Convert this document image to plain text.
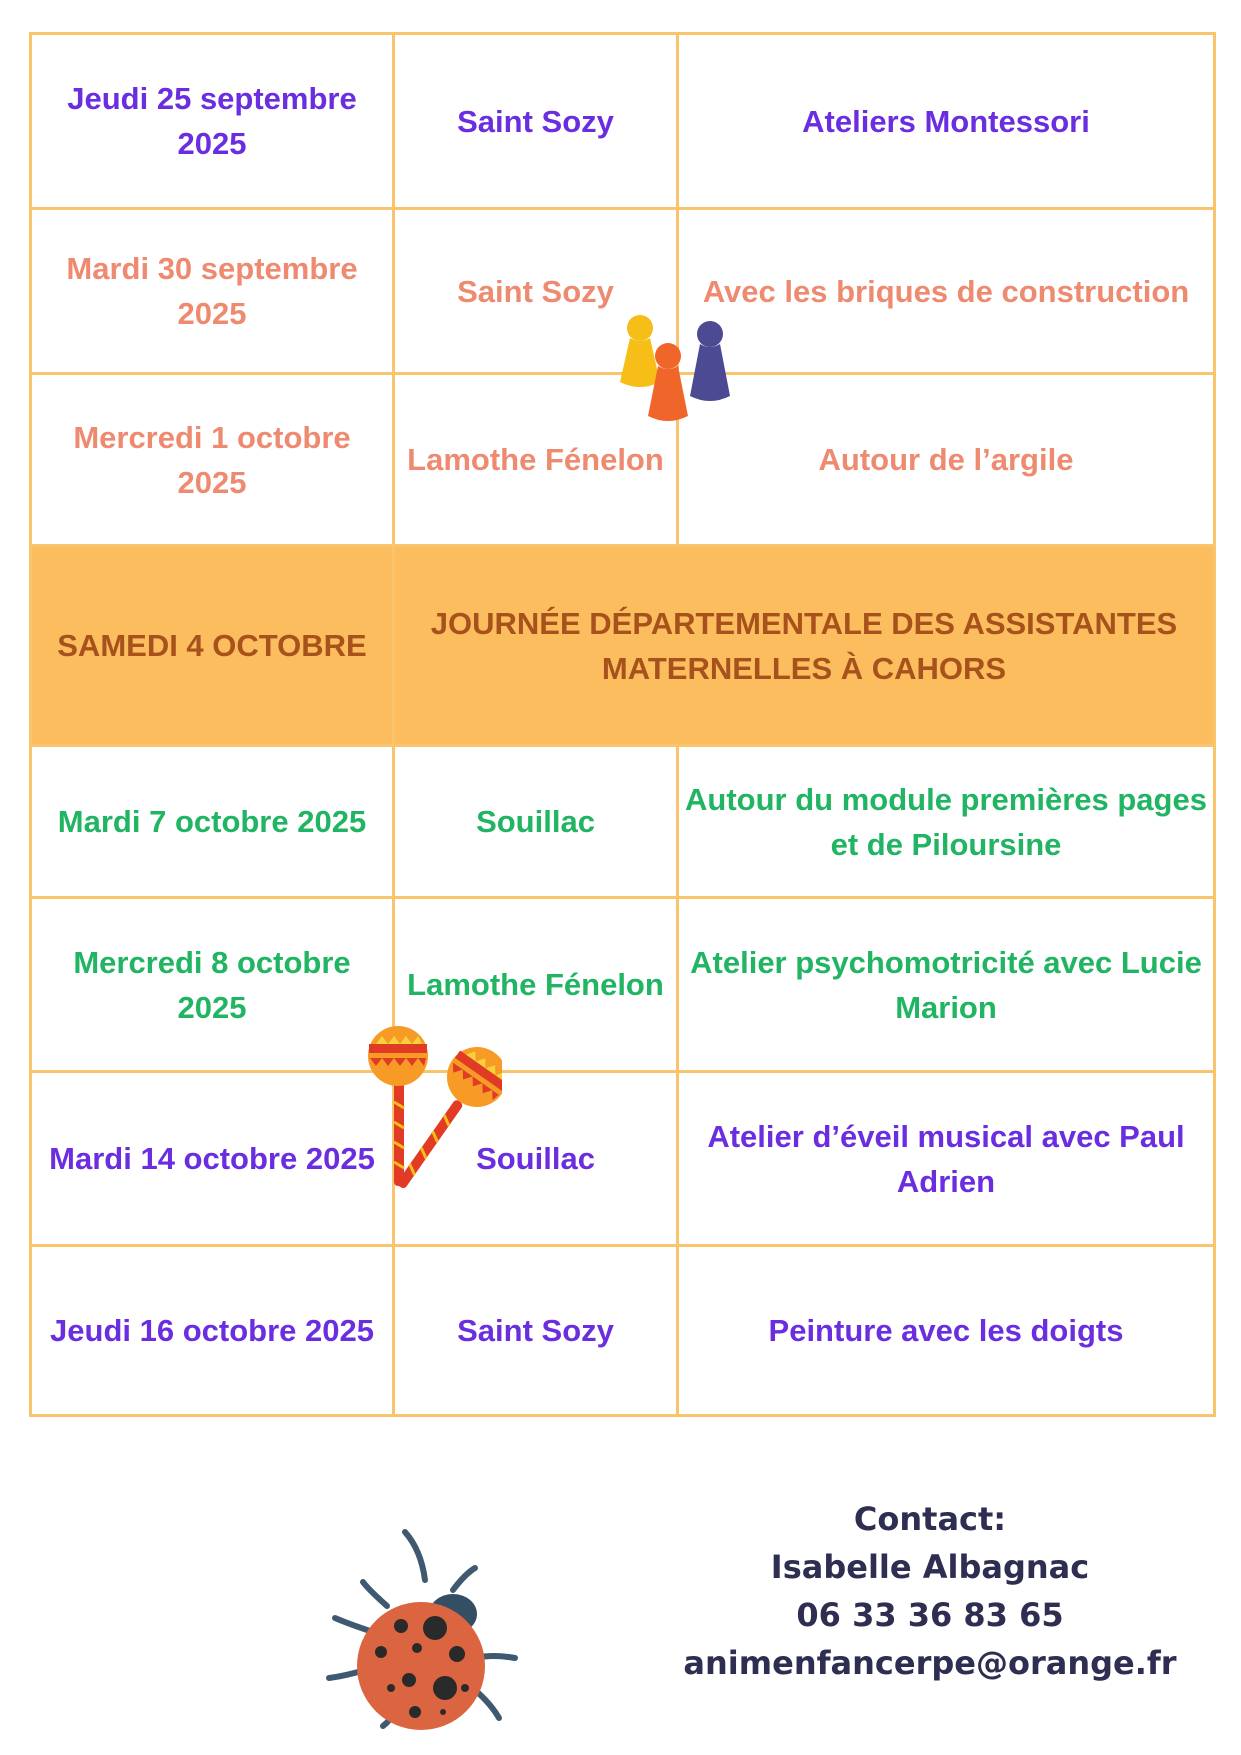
Jeudi 25 septembre 2025	Saint Sozy	Ateliers Montessori
Mardi 30 septembre 2025	Saint Sozy	Avec les briques de construction
Mercredi 1 octobre 2025	Lamothe Fénelon	Autour de l’argile
SAMEDI 4 OCTOBRE	JOURNÉE DÉPARTEMENTALE DES ASSISTANTES MATERNELLES À CAHORS	
Mardi 7 octobre 2025	Souillac	Autour du module premières pages et de Piloursine
Mercredi 8 octobre 2025	Lamothe Fénelon	Atelier psychomotricité avec Lucie Marion
Mardi 14 octobre 2025	Souillac	Atelier d’éveil musical avec Paul Adrien
Jeudi 16 octobre 2025	Saint Sozy	Peinture avec les doigts
Contact:
Isabelle Albagnac
06 33 36 83 65
animenfancerpe@orange.fr
